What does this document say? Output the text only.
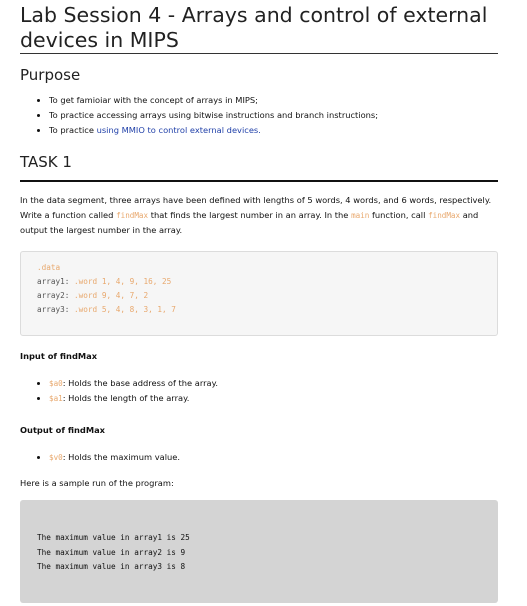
Lab Session 4 - Arrays and control of external devices in MIPS
Purpose
• To get famioiar with the concept of arrays in MIPS;
• To practice accessing arrays using bitwise instructions and branch instructions;
• To practice using MMIO to control external devices.
TASK 1

In the data segment, three arrays have been defined with lengths of 5 words, 4 words, and 6 words, respectively. Write a function called findMax that finds the largest number in an array. In the main function, call findMax and output the largest number in the array.

.data
array1: .word 1, 4, 9, 16, 25
array2: .word 9, 4, 7, 2
array3: .word 5, 4, 8, 3, 1, 7
Input of findMax
• $a0: Holds the base address of the array.
• $a1: Holds the length of the array.
Output of findMax
• $v0: Holds the maximum value.

Here is a sample run of the program:

The maximum value in array1 is 25
The maximum value in array2 is 9
The maximum value in array3 is 8
